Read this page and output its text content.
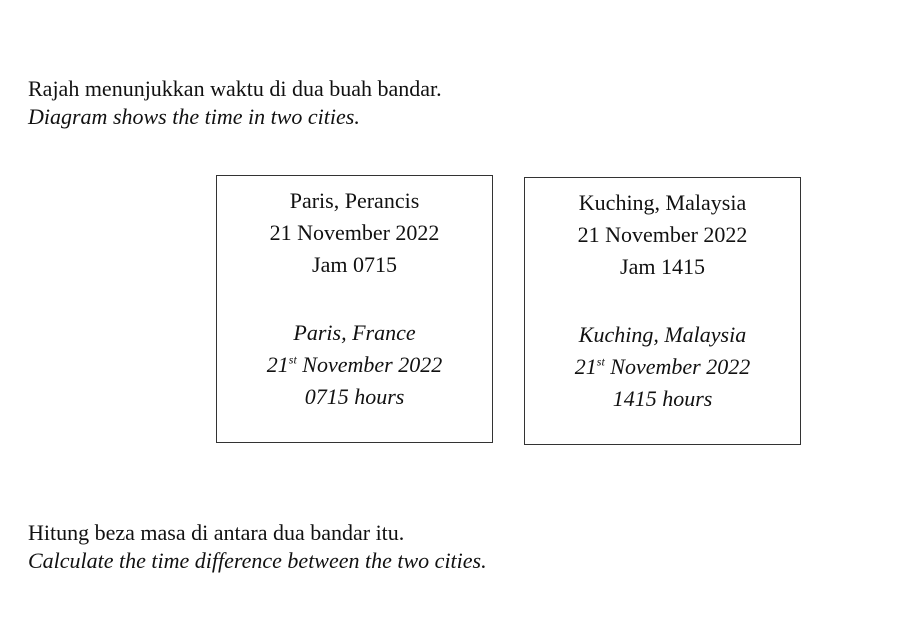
Rajah menunjukkan waktu di dua buah bandar.
Diagram shows the time in two cities.
Paris, Perancis
21 November 2022
Jam 0715
Paris, France
21st November 2022
0715 hours
Kuching, Malaysia
21 November 2022
Jam 1415
Kuching, Malaysia
21st November 2022
1415 hours
Hitung beza masa di antara dua bandar itu.
Calculate the time difference between the two cities.
